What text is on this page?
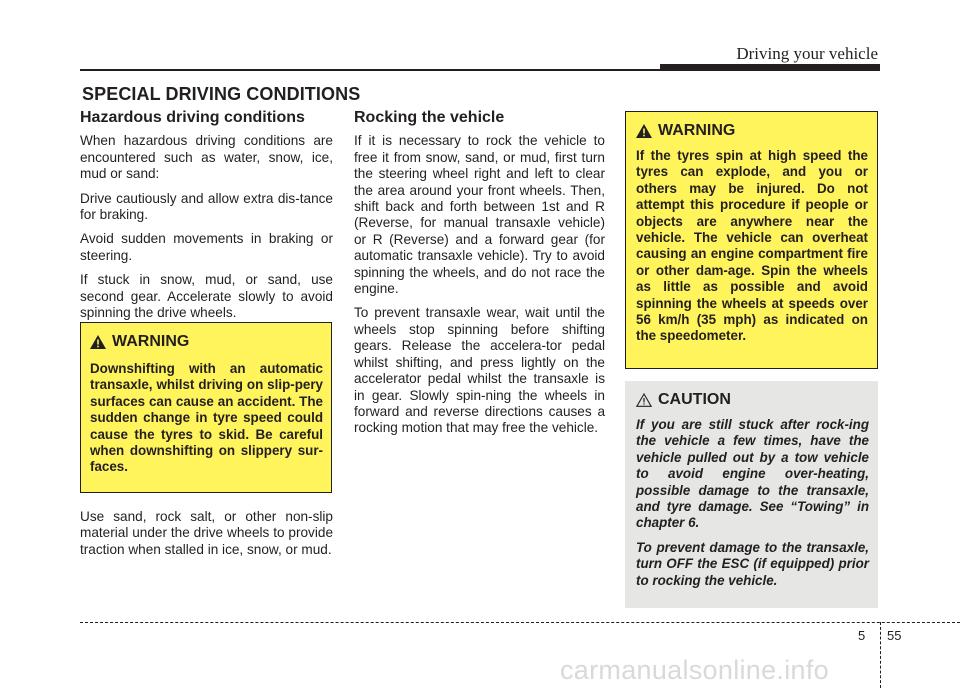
Driving your vehicle
SPECIAL DRIVING CONDITIONS
Hazardous driving conditions

When hazardous driving conditions are encountered such as water, snow, ice, mud or sand:

Drive cautiously and allow extra dis-tance for braking.

Avoid sudden movements in braking or steering.

If stuck in snow, mud, or sand, use second gear. Accelerate slowly to avoid spinning the drive wheels.

WARNING
Downshifting with an automatic transaxle, whilst driving on slip-pery surfaces can cause an accident. The sudden change in tyre speed could cause the tyres to skid. Be careful when downshifting on slippery sur-faces.

Use sand, rock salt, or other non-slip material under the drive wheels to provide traction when stalled in ice, snow, or mud.

Rocking the vehicle

If it is necessary to rock the vehicle to free it from snow, sand, or mud, first turn the steering wheel right and left to clear the area around your front wheels. Then, shift back and forth between 1st and R (Reverse, for manual transaxle vehicle) or R (Reverse) and a forward gear (for automatic transaxle vehicle). Try to avoid spinning the wheels, and do not race the engine.

To prevent transaxle wear, wait until the wheels stop spinning before shifting gears. Release the accelera-tor pedal whilst shifting, and press lightly on the accelerator pedal whilst the transaxle is in gear. Slowly spin-ning the wheels in forward and reverse directions causes a rocking motion that may free the vehicle.

WARNING
If the tyres spin at high speed the tyres can explode, and you or others may be injured. Do not attempt this procedure if people or objects are anywhere near the vehicle. The vehicle can overheat causing an engine compartment fire or other dam-age. Spin the wheels as little as possible and avoid spinning the wheels at speeds over 56 km/h (35 mph) as indicated on the speedometer.
CAUTION

If you are still stuck after rock-ing the vehicle a few times, have the vehicle pulled out by a tow vehicle to avoid engine over-heating, possible damage to the transaxle, and tyre damage. See “Towing” in chapter 6.

To prevent damage to the transaxle, turn OFF the ESC (if equipped) prior to rocking the vehicle.

5 55
carmanualsonline.info
